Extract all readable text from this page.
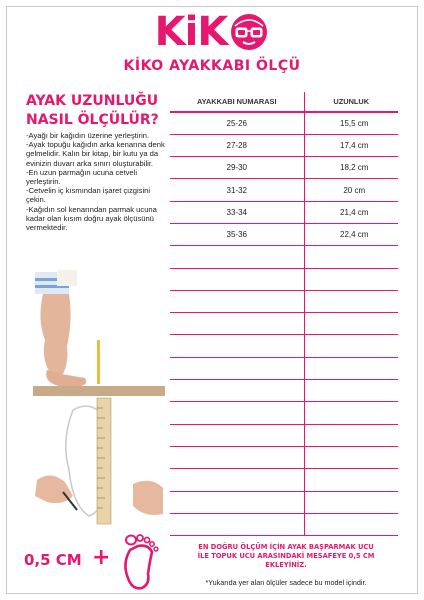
KiK
KİKO AYAKKABI ÖLÇÜ
AYAK UZUNLUĞU
NASIL ÖLÇÜLÜR?

-Ayağı bir kağıdın üzerine yerleştirin.

-Ayak topuğu kağıdın arka kenarına denk gelmelidir. Kalın bir kitap, bir kutu ya da evinizin duvarı arka sınırı oluşturabilir.

-En uzun parmağın ucuna cetveli yerleştirin.

-Cetvelin iç kısmından işaret çizgisini çekin.

-Kağıdın sol kenarından parmak ucuna kadar olan kısım doğru ayak ölçüsünü vermektedir.

AYAKKABI NUMARASI	UZUNLUK
25-26	15,5 cm
27-28	17,4 cm
29-30	18,2 cm
31-32	20 cm
33-34	21,4 cm
35-36	22,4 cm

0,5 CM +	EN DOĞRU ÖLÇÜM İÇİN AYAK BAŞPARMAK UCU
İLE TOPUK UCU ARASINDAKİ MESAFEYE 0,5 CM
EKLEYİNİZ.
*Yukarıda yer alan ölçüler sadece bu model içindir.
